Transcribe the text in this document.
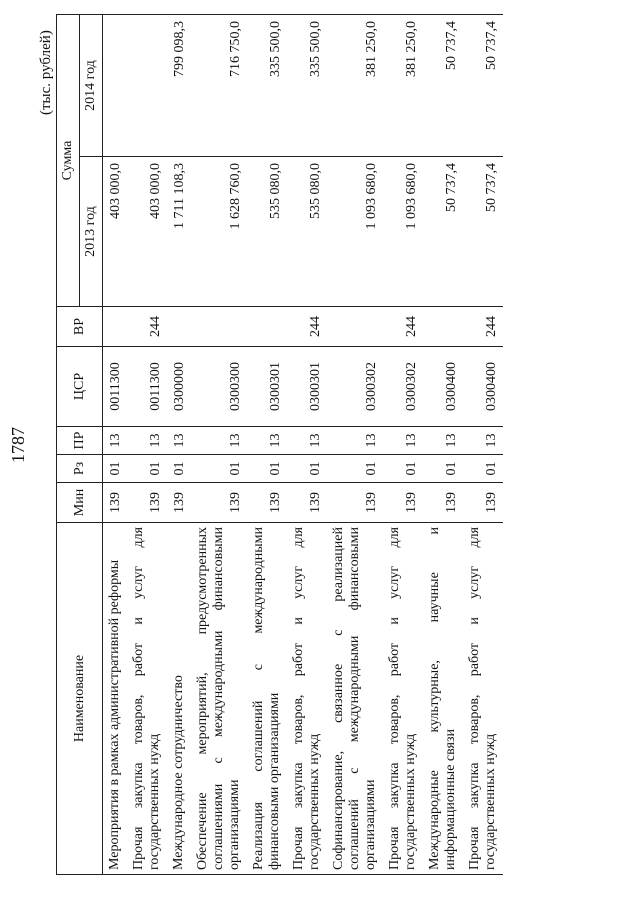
1787
(тыс. рублей)
Наименование	Мин	Рз	ПР	ЦСР	ВР	Сумма	
						2013 год	2014 год
Мероприятия в рамках административной реформы	139	01	13	0011300		403 000,0	
Прочая закупка товаров, работ и услуг для государственных нужд	139	01	13	0011300	244	403 000,0	
Международное сотрудничество	139	01	13	0300000		1 711 108,3	799 098,3
Обеспечение мероприятий, предусмотренных соглашениями с международными финансовыми организациями	139	01	13	0300300		1 628 760,0	716 750,0
Реализация соглашений с международными финансовыми организациями	139	01	13	0300301		535 080,0	335 500,0
Прочая закупка товаров, работ и услуг для государственных нужд	139	01	13	0300301	244	535 080,0	335 500,0
Софинансирование, связанное с реализацией соглашений с международными финансовыми организациями	139	01	13	0300302		1 093 680,0	381 250,0
Прочая закупка товаров, работ и услуг для государственных нужд	139	01	13	0300302	244	1 093 680,0	381 250,0
Международные культурные, научные и информационные связи	139	01	13	0300400		50 737,4	50 737,4
Прочая закупка товаров, работ и услуг для государственных нужд	139	01	13	0300400	244	50 737,4	50 737,4
